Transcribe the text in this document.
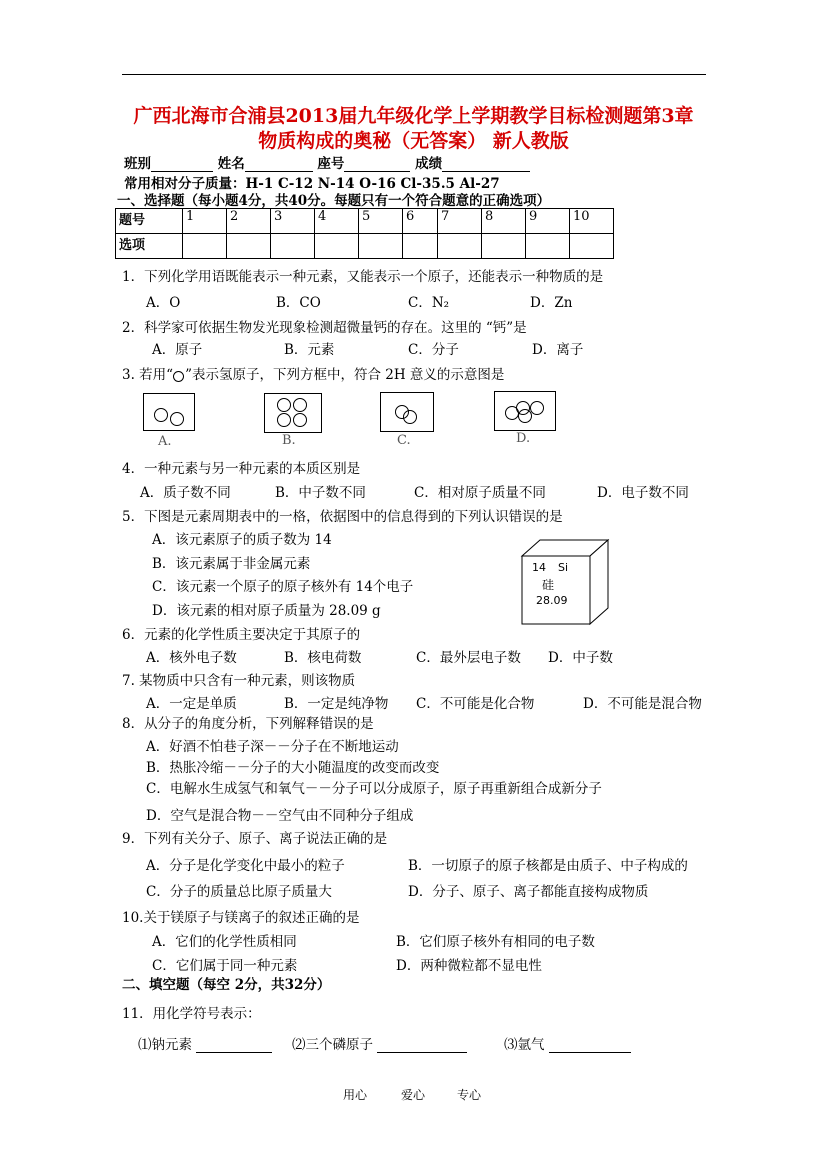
广西北海市合浦县2013届九年级化学上学期教学目标检测题第3章
物质构成的奥秘（无答案） 新人教版
班别	姓名	座号	成绩
常用相对分子质量：H-1 C-12 N-14 O-16 Cl-35.5 Al-27
一、选择题（每小题4分，共40分。每题只有一个符合题意的正确选项）
题号	1	2	3	4	5	6	7	8	9	10
选项										
1．下列化学用语既能表示一种元素，又能表示一个原子，还能表示一种物质的是
A．O	B．CO	C．N₂	D．Zn
2．科学家可依据生物发光现象检测超微量钙的存在。这里的 “钙”是
A．原子	B．元素	C．分子	D．离子
3. 若用“ ”表示氢原子，下列方框中，符合 2H 意义的示意图是
A.	B.	C.	D.
4．一种元素与另一种元素的本质区别是
A．质子数不同	B．中子数不同	C．相对原子质量不同	D．电子数不同
5．下图是元素周期表中的一格，依据图中的信息得到的下列认识错误的是
A．该元素原子的质子数为 14
B．该元素属于非金属元素
C．该元素一个原子的原子核外有 14个电子
D．该元素的相对原子质量为 28.09 g
14 Si
硅
28.09
6．元素的化学性质主要决定于其原子的
A．核外电子数	B．核电荷数	C．最外层电子数 D．中子数
7. 某物质中只含有一种元素，则该物质
A．一定是单质	B．一定是纯净物 C．不可能是化合物	D．不可能是混合物
8．从分子的角度分析，下列解释错误的是
A．好酒不怕巷子深－－分子在不断地运动
B．热胀冷缩－－分子的大小随温度的改变而改变
C．电解水生成氢气和氧气－－分子可以分成原子，原子再重新组合成新分子
D．空气是混合物－－空气由不同种分子组成
9．下列有关分子、原子、离子说法正确的是
A．分子是化学变化中最小的粒子	B．一切原子的原子核都是由质子、中子构成的
C．分子的质量总比原子质量大	D．分子、原子、离子都能直接构成物质
10.关于镁原子与镁离子的叙述正确的是
A．它们的化学性质相同	B．它们原子核外有相同的电子数
C．它们属于同一种元素	D．两种微粒都不显电性
二、填空题（每空 2分，共32分）
11．用化学符号表示：
⑴钠元素	⑵三个磷原子	⑶氩气
用心	爱心	专心
